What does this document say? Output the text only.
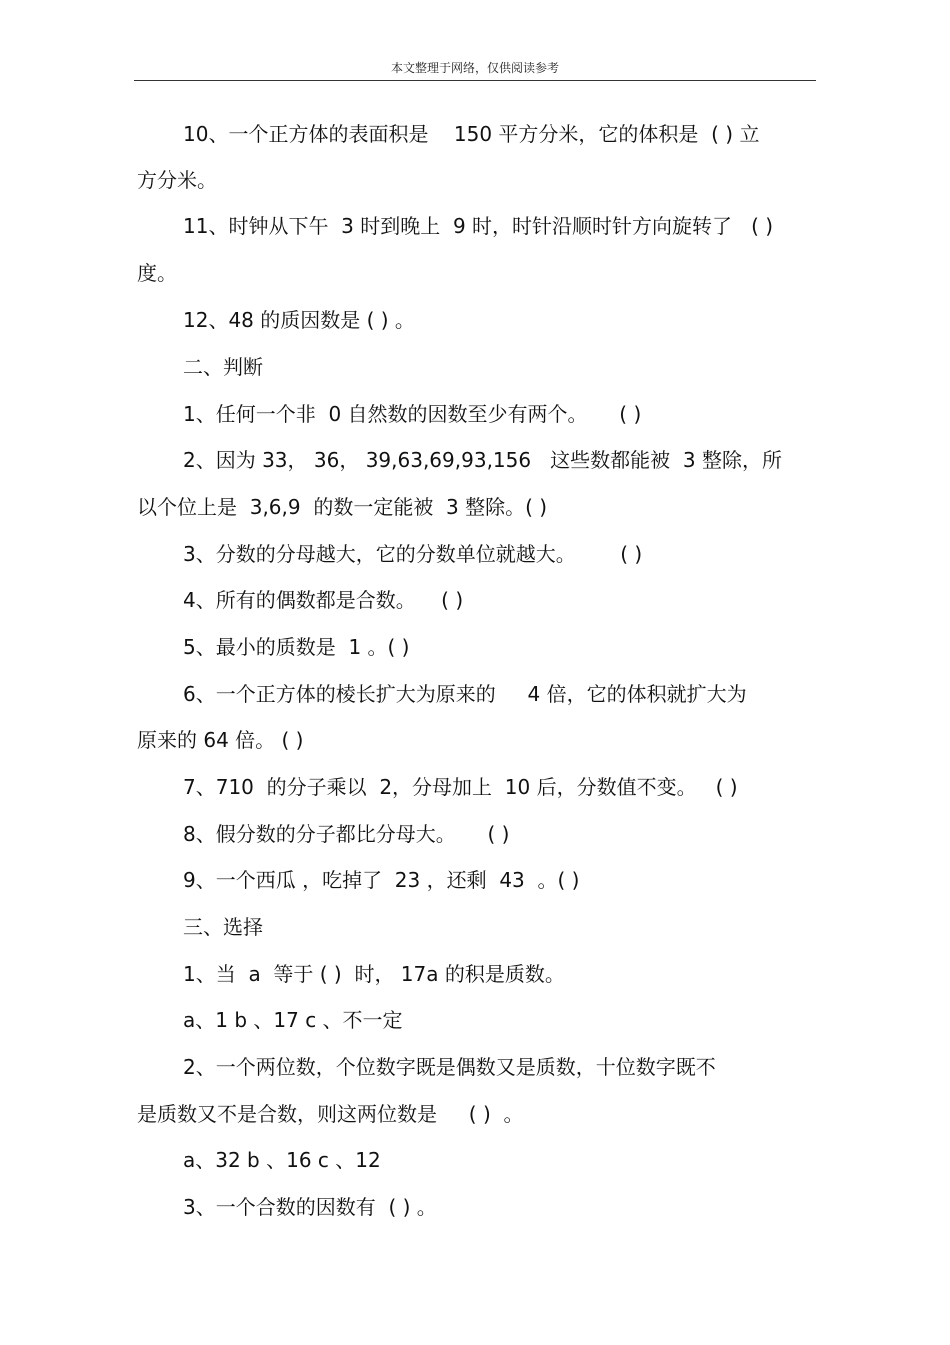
本文整理于网络，仅供阅读参考
10、一个正方体的表面积是    150 平方分米，它的体积是  ( ) 立
方分米。
11、时钟从下午  3 时到晚上  9 时，时针沿顺时针方向旋转了   ( )
度。
12、48 的质因数是 ( ) 。
二、判断
1、任何一个非  0 自然数的因数至少有两个。     ( )
2、因为 33， 36， 39,63,69,93,156   这些数都能被  3 整除，所
以个位上是  3,6,9  的数一定能被  3 整除。( )
3、分数的分母越大，它的分数单位就越大。       ( )
4、所有的偶数都是合数。    ( )
5、最小的质数是  1 。( )
6、一个正方体的棱长扩大为原来的     4 倍，它的体积就扩大为
原来的 64 倍。 ( )
7、710  的分子乘以  2，分母加上  10 后，分数值不变。   ( )
8、假分数的分子都比分母大。     ( )
9、一个西瓜 ，吃掉了  23 ，还剩  43  。( )
三、选择
1、当  a  等于 ( )  时， 17a 的积是质数。
a、1 b 、17 c 、不一定
2、一个两位数，个位数字既是偶数又是质数，十位数字既不
是质数又不是合数，则这两位数是     ( )  。
a、32 b 、16 c 、12
3、一个合数的因数有  ( ) 。
